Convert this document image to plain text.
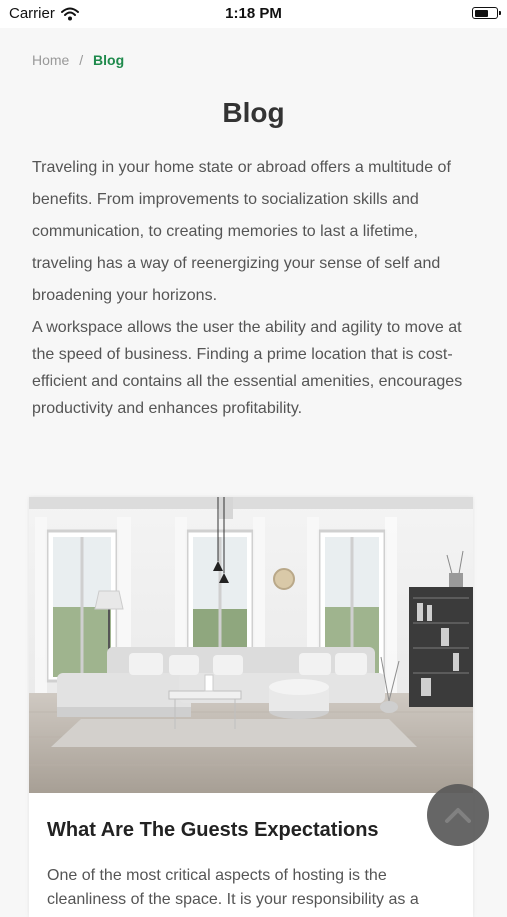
Carrier	1:18 PM
Home / Blog
Blog

Traveling in your home state or abroad offers a multitude of benefits. From improvements to socialization skills and communication, to creating memories to last a lifetime, traveling has a way of reenergizing your sense of self and broadening your horizons.

A workspace allows the user the ability and agility to move at the speed of business. Finding a prime location that is cost-efficient and contains all the essential amenities, encourages productivity and enhances profitability.

What Are The Guests Expectations

One of the most critical aspects of hosting is the cleanliness of the space. It is your responsibility as a
